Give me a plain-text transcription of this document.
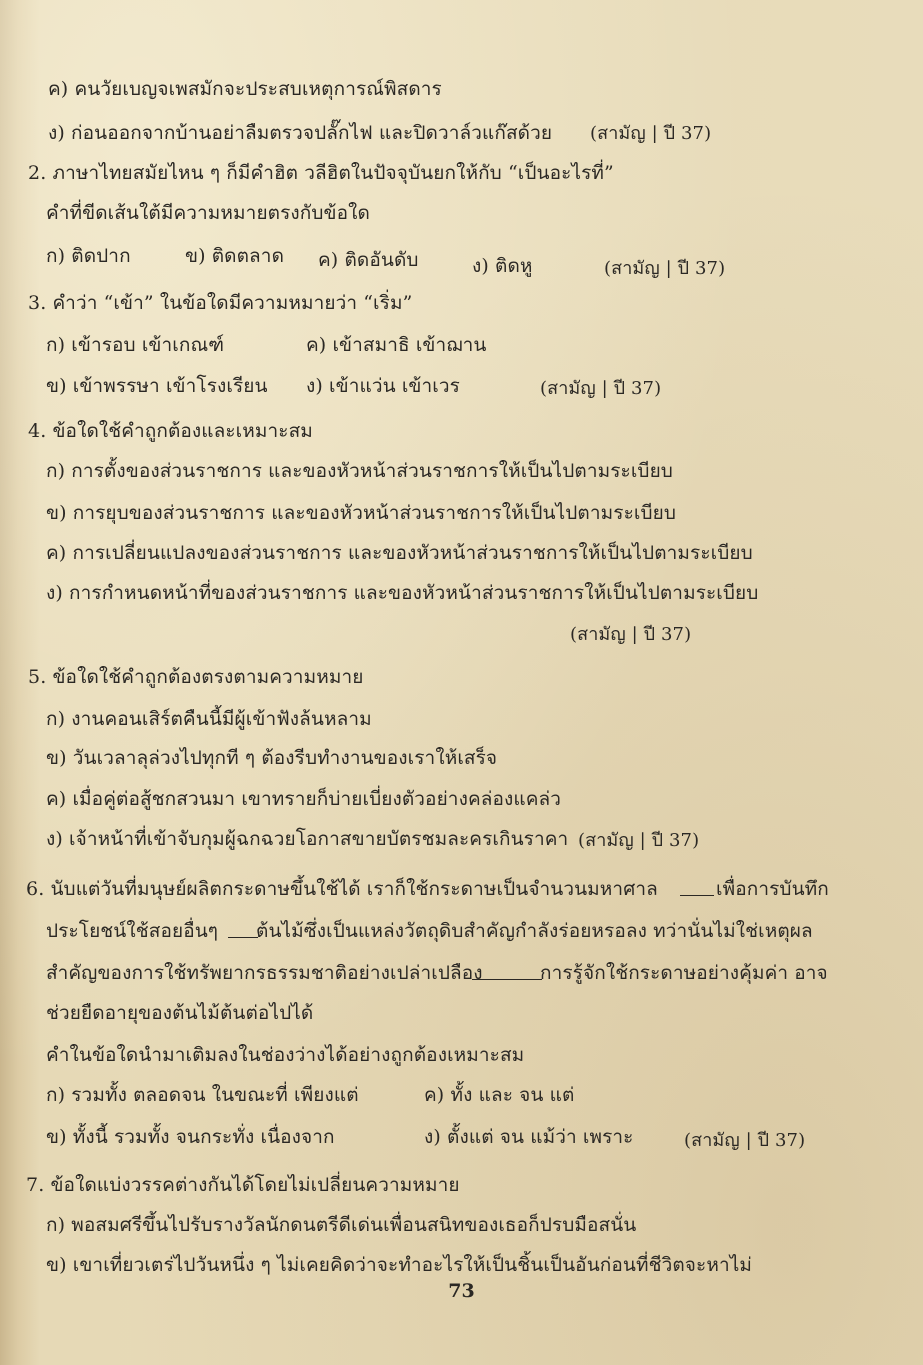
ค) คนวัยเบญจเพสมักจะประสบเหตุการณ์พิสดาร
ง) ก่อนออกจากบ้านอย่าลืมตรวจปลั๊กไฟ และปิดวาล์วแก๊สด้วย (สามัญ | ปี 37)
2. ภาษาไทยสมัยไหน ๆ ก็มีคำฮิต วลีฮิตในปัจจุบันยกให้กับ “เป็นอะไรที่”
คำที่ขีดเส้นใต้มีความหมายตรงกับข้อใด
ก) ติดปาก	ข) ติดตลาด ค) ติดอันดับ	ง) ติดหู	(สามัญ | ปี 37)
3. คำว่า “เข้า” ในข้อใดมีความหมายว่า “เริ่ม”
ก) เข้ารอบ เข้าเกณฑ์	ค) เข้าสมาธิ เข้าฌาน
ข) เข้าพรรษา เข้าโรงเรียน ง) เข้าแว่น เข้าเวร	(สามัญ | ปี 37)
4. ข้อใดใช้คำถูกต้องและเหมาะสม
ก) การตั้งของส่วนราชการ และของหัวหน้าส่วนราชการให้เป็นไปตามระเบียบ
ข) การยุบของส่วนราชการ และของหัวหน้าส่วนราชการให้เป็นไปตามระเบียบ
ค) การเปลี่ยนแปลงของส่วนราชการ และของหัวหน้าส่วนราชการให้เป็นไปตามระเบียบ
ง) การกำหนดหน้าที่ของส่วนราชการ และของหัวหน้าส่วนราชการให้เป็นไปตามระเบียบ
(สามัญ | ปี 37)
5. ข้อใดใช้คำถูกต้องตรงตามความหมาย
ก) งานคอนเสิร์ตคืนนี้มีผู้เข้าฟังล้นหลาม
ข) วันเวลาลุล่วงไปทุกที ๆ ต้องรีบทำงานของเราให้เสร็จ
ค) เมื่อคู่ต่อสู้ชกสวนมา เขาทรายก็บ่ายเบี่ยงตัวอย่างคล่องแคล่ว
ง) เจ้าหน้าที่เข้าจับกุมผู้ฉกฉวยโอกาสขายบัตรชมละครเกินราคา (สามัญ | ปี 37)
6. นับแต่วันที่มนุษย์ผลิตกระดาษขึ้นใช้ได้ เราก็ใช้กระดาษเป็นจำนวนมหาศาล	เพื่อการบันทึก
ประโยชน์ใช้สอยอื่นๆ ต้นไม้ซึ่งเป็นแหล่งวัตถุดิบสำคัญกำลังร่อยหรอลง ทว่านั่นไม่ใช่เหตุผล
สำคัญของการใช้ทรัพยากรธรรมชาติอย่างเปล่าเปลือง	การรู้จักใช้กระดาษอย่างคุ้มค่า อาจ
ช่วยยืดอายุของต้นไม้ต้นต่อไปได้
คำในข้อใดนำมาเติมลงในช่องว่างได้อย่างถูกต้องเหมาะสม
ก) รวมทั้ง ตลอดจน ในขณะที่ เพียงแต่	ค) ทั้ง และ จน แต่
ข) ทั้งนี้ รวมทั้ง จนกระทั่ง เนื่องจาก	ง) ตั้งแต่ จน แม้ว่า เพราะ	(สามัญ | ปี 37)
7. ข้อใดแบ่งวรรคต่างกันได้โดยไม่เปลี่ยนความหมาย
ก) พอสมศรีขึ้นไปรับรางวัลนักดนตรีดีเด่นเพื่อนสนิทของเธอก็ปรบมือสนั่น
ข) เขาเที่ยวเตร่ไปวันหนึ่ง ๆ ไม่เคยคิดว่าจะทำอะไรให้เป็นชิ้นเป็นอันก่อนที่ชีวิตจะหาไม่
73
